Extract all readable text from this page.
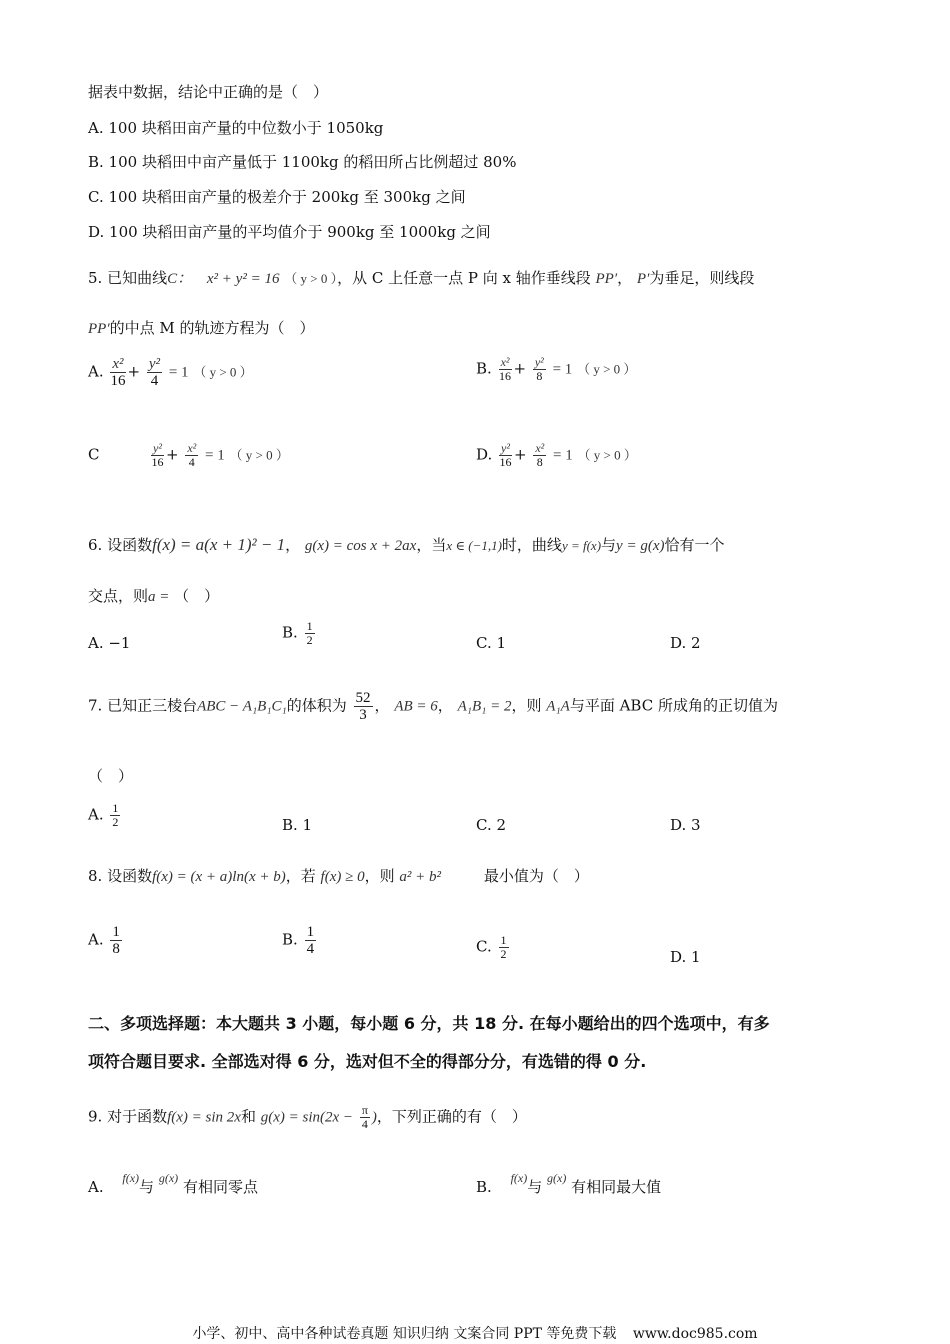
据表中数据，结论中正确的是（　）
A. 100 块稻田亩产量的中位数小于 1050kg
B. 100 块稻田中亩产量低于 1100kg 的稻田所占比例超过 80%
C. 100 块稻田亩产量的极差介于 200kg 至 300kg 之间
D. 100 块稻田亩产量的平均值介于 900kg 至 1000kg 之间
5. 已知曲线C： x² + y² = 16 （ y > 0 ），从 C 上任意一点 P 向 x 轴作垂线段 PP′， P′为垂足，则线段
PP′的中点 M 的轨迹方程为（　）
A. $\frac{\text{x²}}{16} + \frac{\text{y²}}{4} = 1$ （ y > 0 ）	B. $\frac{\text{x²}}{16} + \frac{\text{y²}}{8} = 1$ （ y > 0 ）
C	$\frac{\text{y²}}{16} + \frac{\text{x²}}{4} = 1$ （ y > 0 ）	D. $\frac{\text{y²}}{16} + \frac{\text{x²}}{8} = 1$ （ y > 0 ）
6. 设函数f(x) = a(x + 1)² − 1， g(x) = cos x + 2ax，当x ∈ (−1,1)时，曲线y = f(x)与y = g(x)恰有一个
交点，则a = （　）
A. −1
B. $\frac{1}{2}$	C. 1	D. 2
7. 已知正三棱台ABC − A₁B₁C₁的体积为 $\frac{52}{3}$ ， AB = 6， A₁B₁ = 2，则 A₁A与平面 ABC 所成角的正切值为
（　）
A. $\frac{1}{2}$	B. 1	C. 2	D. 3
8. 设函数f(x) = (x + a)ln(x + b)，若 f(x) ≥ 0，则 a² + b²	最小值为（　）
A. $\frac{1}{8}$	B. $\frac{1}{4}$	C. $\frac{1}{2}$	D. 1
二、多项选择题：本大题共 3 小题，每小题 6 分，共 18 分. 在每小题给出的四个选项中，有多
项符合题目要求. 全部选对得 6 分，选对但不全的得部分分，有选错的得 0 分.
9. 对于函数f(x) = sin 2x和 $g(x) = \sin(2x - \frac{\pi}{4}$ )，下列正确的有（　）
A. $^{f(x)}$与 $^{g(x)}$ 有相同零点	B. $^{f(x)}$与 $^{g(x)}$ 有相同最大值
小学、初中、高中各种试卷真题 知识归纳 文案合同 PPT 等免费下载 www.doc985.com
